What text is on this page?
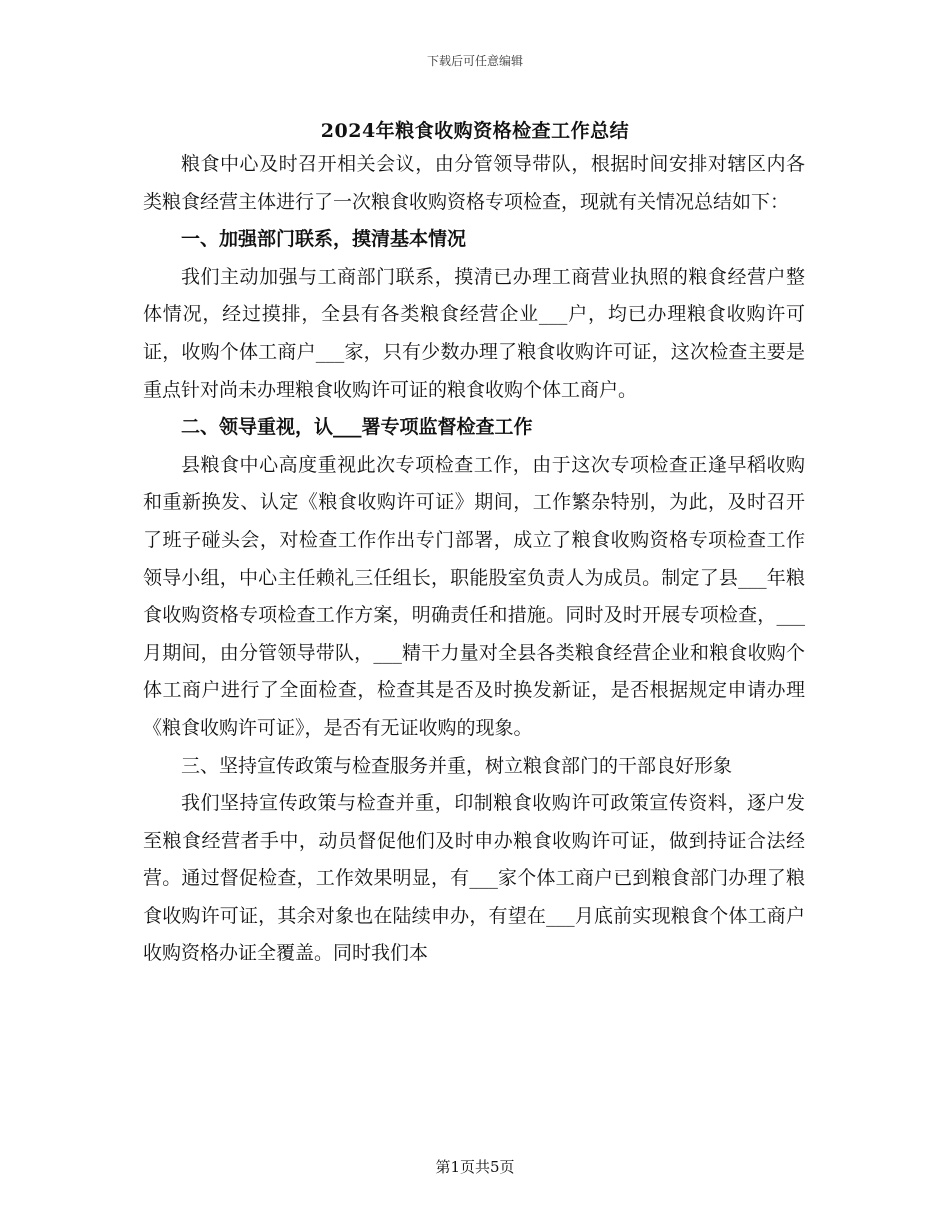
下载后可任意编辑
2024年粮食收购资格检查工作总结

粮食中心及时召开相关会议，由分管领导带队，根据时间安排对辖区内各类粮食经营主体进行了一次粮食收购资格专项检查，现就有关情况总结如下：

一、加强部门联系，摸清基本情况

我们主动加强与工商部门联系，摸清已办理工商营业执照的粮食经营户整体情况，经过摸排，全县有各类粮食经营企业___户，均已办理粮食收购许可证，收购个体工商户___家，只有少数办理了粮食收购许可证，这次检查主要是重点针对尚未办理粮食收购许可证的粮食收购个体工商户。

二、领导重视，认___署专项监督检查工作

县粮食中心高度重视此次专项检查工作，由于这次专项检查正逢早稻收购和重新换发、认定《粮食收购许可证》期间，工作繁杂特别，为此，及时召开了班子碰头会，对检查工作作出专门部署，成立了粮食收购资格专项检查工作领导小组，中心主任赖礼三任组长，职能股室负责人为成员。制定了县___年粮食收购资格专项检查工作方案，明确责任和措施。同时及时开展专项检查，___月期间，由分管领导带队，___精干力量对全县各类粮食经营企业和粮食收购个体工商户进行了全面检查，检查其是否及时换发新证，是否根据规定申请办理《粮食收购许可证》，是否有无证收购的现象。

三、坚持宣传政策与检查服务并重，树立粮食部门的干部良好形象

我们坚持宣传政策与检查并重，印制粮食收购许可政策宣传资料，逐户发至粮食经营者手中，动员督促他们及时申办粮食收购许可证，做到持证合法经营。通过督促检查，工作效果明显，有___家个体工商户已到粮食部门办理了粮食收购许可证，其余对象也在陆续申办，有望在___月底前实现粮食个体工商户收购资格办证全覆盖。同时我们本

第1页共5页
